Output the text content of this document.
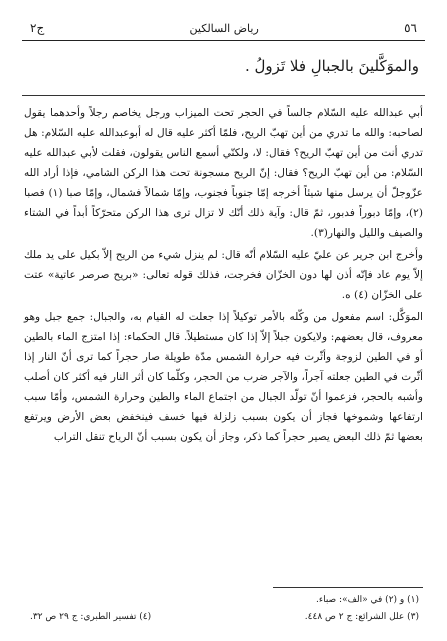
٥٦
رياض السالكين
ج٢
والموَكَّلينَ بالجبالِ فلا تَزولُ .

أبي عبدالله عليه السّلام جالساً في الحجر تحت الميزاب ورجل يخاصم رجلاً وأحدهما يقول لصاحبه: والله ما تدري من أين تهبّ الريح، فلمّا أكثر عليه قال له أبوعبدالله عليه السّلام: هل تدري أنت من أين تهبّ الريح؟ فقال: لا، ولكنّي أسمع الناس يقولون، فقلت لأبي عبدالله عليه السّلام: من أين تهبّ الريح؟ فقال: إنّ الريح مسجونة تحت هذا الركن الشامي، فإذا أراد الله عزّوجلّ أن يرسل منها شيئاً أخرجه إمّا جنوباً فجنوب، وإمّا شمالاً فشمال، وإمّا صبا (١) فصبا (٢)، وإمّا دبوراً فدبور، ثمّ قال: وآية ذلك أنّك لا تزال ترى هذا الركن متحرّكاً أبداً في الشتاء والصيف والليل والنهار(٣).

وأخرج ابن جرير عن عليّ عليه السّلام أنّه قال: لم ينزل شيء من الريح إلاّ بكيل على يد ملك إلاّ يوم عاد فإنّه أذن لها دون الخزّان فخرجت، فذلك قوله تعالى: «بريح صرصر عاتية» عتت على الخزّان (٤) ه.

الموَكَّل: اسم مفعول من وكّله بالأمر توكيلاً إذا جعلت له القيام به، والجبال: جمع جبل وهو معروف، قال بعضهم: ولايكون جبلاً إلاّ إذا كان مستطيلاً. قال الحكماء: إذا امتزج الماء بالطين أو في الطين لزوجة وأثّرت فيه حرارة الشمس مدّة طويلة صار حجراً كما ترى أنّ النار إذا أثّرت في الطين جعلته آجراً، والآجر ضرب من الحجر، وكلّما كان أثر النار فيه أكثر كان أصلب وأشبه بالحجر، فزعموا أنّ تولّد الجبال من اجتماع الماء والطين وحرارة الشمس، وأمّا سبب ارتفاعها وشموخها فجاز أن يكون بسبب زلزلة فيها خسف فينخفض بعض الأرض ويرتفع بعضها ثمّ ذلك البعض يصير حجراً كما ذكر، وجاز أن يكون بسبب أنّ الرياح تنقل التراب

(١) و (٢) في «الف»: صباء.
(٣) علل الشرائع: ج ٢ ص ٤٤٨.
(٤) تفسير الطبري: ج ٢٩ ص ٣٢.
